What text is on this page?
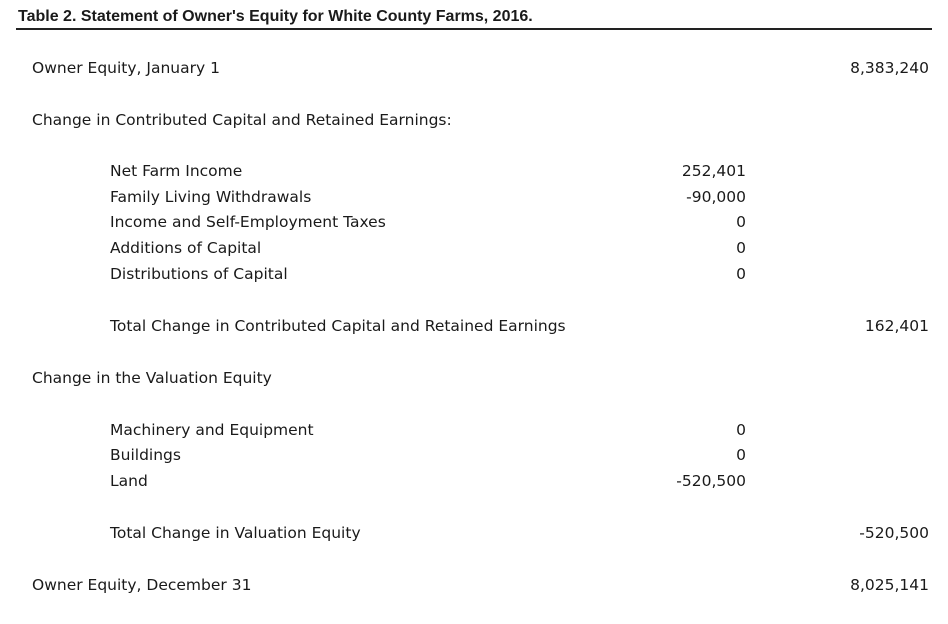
Table 2. Statement of Owner's Equity for White County Farms, 2016.
Owner Equity, January 1	8,383,240
Change in Contributed Capital and Retained Earnings:
Net Farm Income	252,401
Family Living Withdrawals	-90,000
Income and Self-Employment Taxes	0
Additions of Capital	0
Distributions of Capital	0
Total Change in Contributed Capital and Retained Earnings	162,401
Change in the Valuation Equity
Machinery and Equipment	0
Buildings	0
Land	-520,500
Total Change in Valuation Equity	-520,500
Owner Equity, December 31	8,025,141
